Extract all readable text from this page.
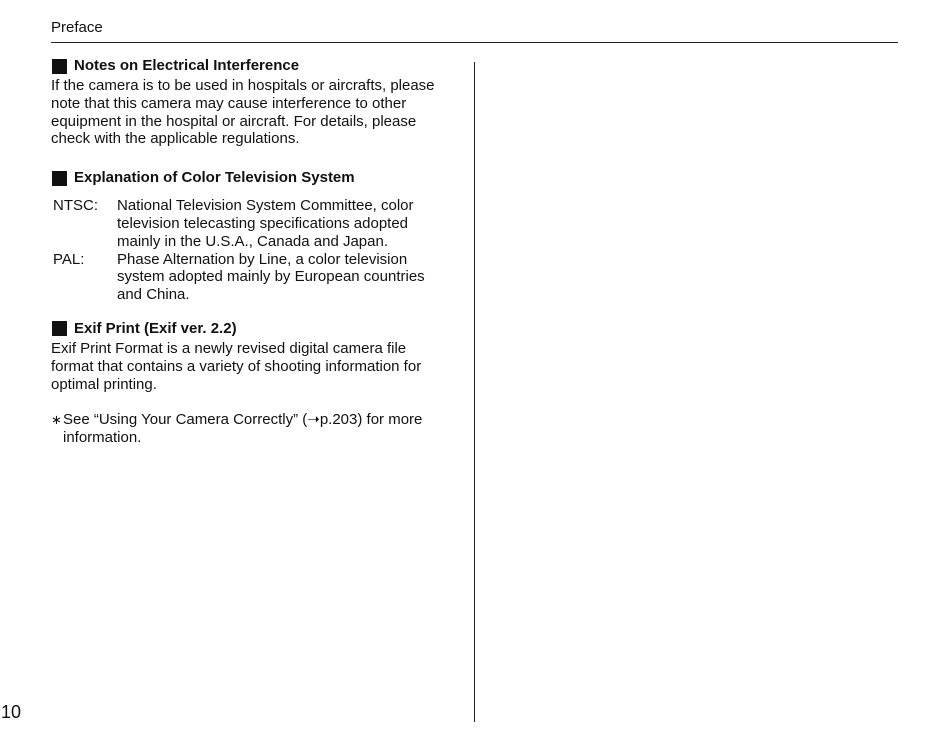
Preface
Notes on Electrical Interference

If the camera is to be used in hospitals or aircrafts, please note that this camera may cause interference to other equipment in the hospital or aircraft. For details, please check with the applicable regulations.

Explanation of Color Television System
NTSC:	National Television System Committee, color television telecasting specifications adopted mainly in the U.S.A., Canada and Japan.
PAL:	Phase Alternation by Line, a color television system adopted mainly by European countries and China.
Exif Print (Exif ver. 2.2)

Exif Print Format is a newly revised digital camera file format that contains a variety of shooting information for optimal printing.

∗ See “Using Your Camera Correctly” (➝p.203) for more information.
10
